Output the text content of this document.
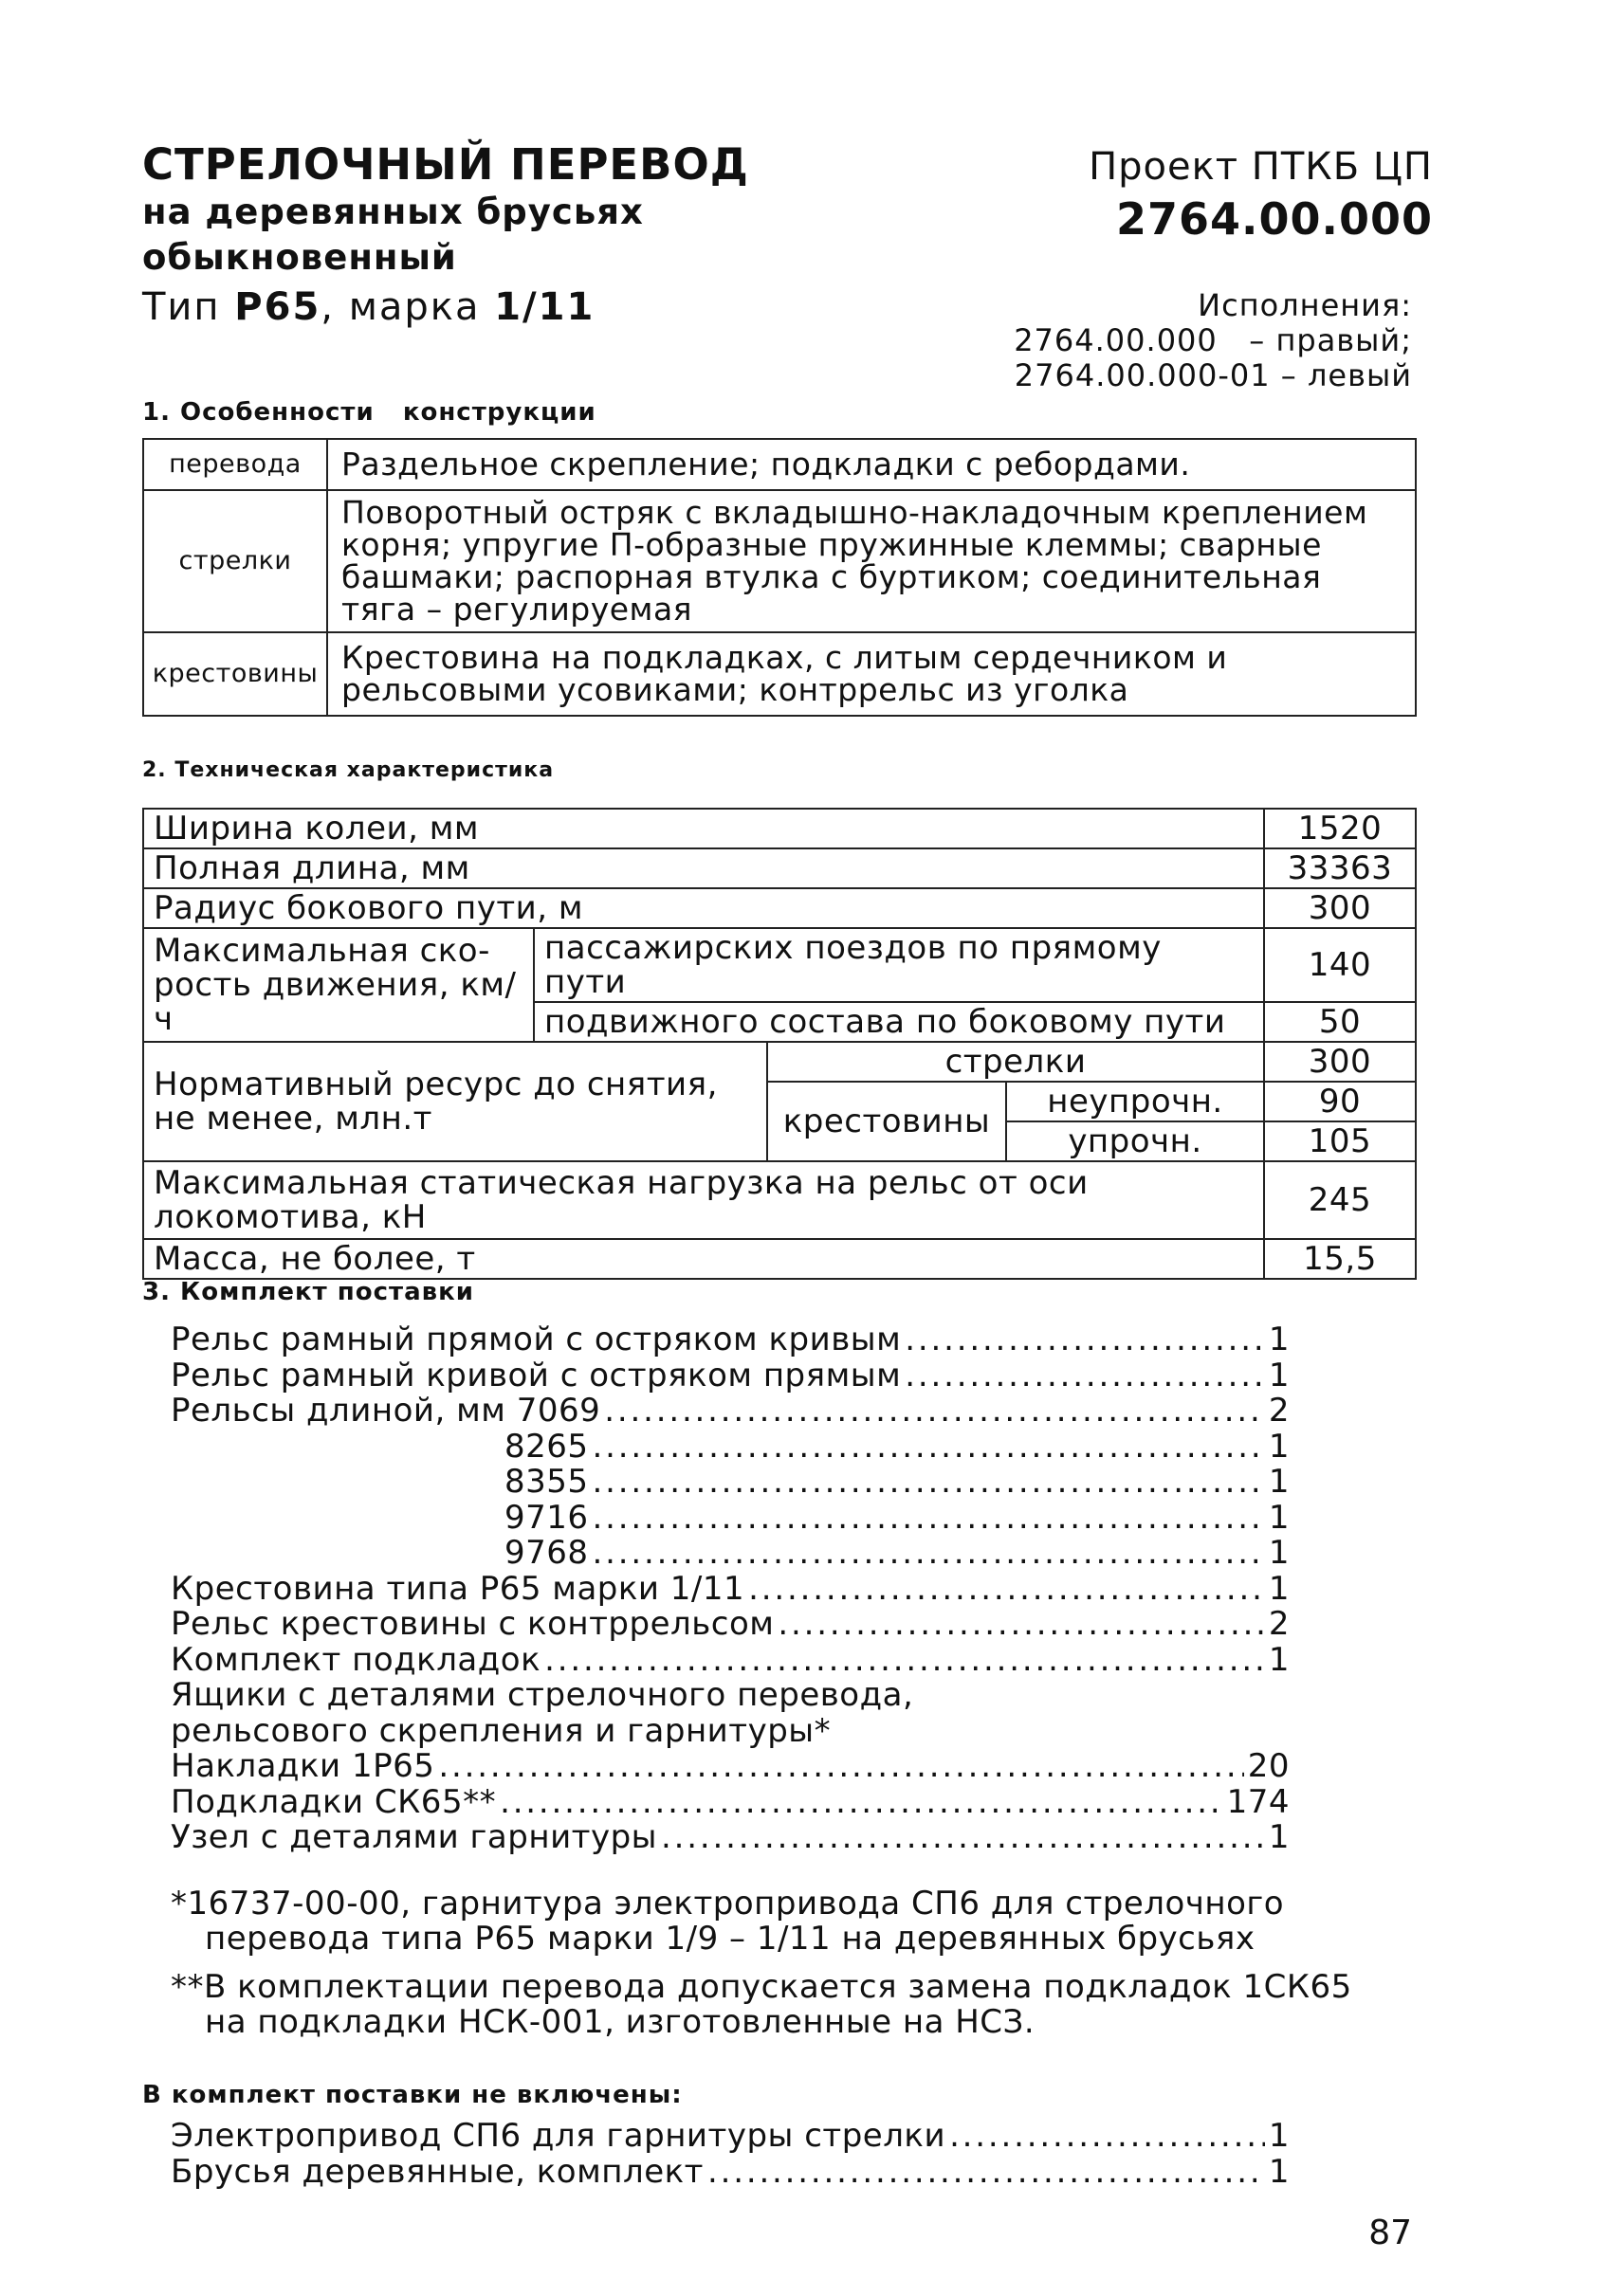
СТРЕЛОЧНЫЙ ПЕРЕВОД
на деревянных брусьях
обыкновенный
Тип Р65, марка 1/11
Проект ПТКБ ЦП
2764.00.000
Исполнения:
2764.00.000   – правый;
2764.00.000-01 – левый
1. Особенности   конструкции
перевода	Раздельное скрепление; подкладки с ребордами.
стрелки	Поворотный остряк с вкладышно-накладочным креплением корня; упругие П-образные пружинные клеммы; сварные башмаки; распорная втулка с буртиком; соединительная тяга – регулируемая
крестовины	Крестовина на подкладках, с литым сердечником и рельсовыми усовиками; контррельс из уголка
2. Техническая характеристика
Ширина колеи, мм				1520
Полная длина, мм				33363
Радиус бокового пути, м				300
Максимальная ско-рость движения, км/ч	пассажирских поездов по прямому пути			140
	подвижного состава по боковому пути			50
Нормативный ресурс до снятия, не менее, млн.т		стрелки		300
		крестовины	неупрочн.	90
			упрочн.	105
Максимальная статическая нагрузка на рельс от оси локомотива, кН				245
Масса, не более, т				15,5
3. Комплект поставки
Рельс рамный прямой с остряком кривым . . .	1
Рельс рамный кривой с остряком прямым . . .	1
Рельсы длиной, мм 7069 . . .	2
8265 . . .	1
8355 . . .	1
9716 . . .	1
9768 . . .	1
Крестовина типа Р65 марки 1/11 . . .	1
Рельс крестовины с контррельсом . . .	2
Комплект подкладок . . .	1
Ящики с деталями стрелочного перевода,
рельсового скрепления и гарнитуры*
Накладки 1Р65 . . .	20
Подкладки СК65** . . .	174
Узел с деталями гарнитуры . . .	1

*16737-00-00, гарнитура электропривода СП6 для стрелочного перевода типа Р65 марки 1/9 – 1/11 на деревянных брусьях

**В комплектации перевода допускается замена подкладок 1СК65 на подкладки НСК-001, изготовленные на НСЗ.

В комплект поставки не включены:
Электропривод СП6 для гарнитуры стрелки . . .	1
Брусья деревянные, комплект . . .	1
87
